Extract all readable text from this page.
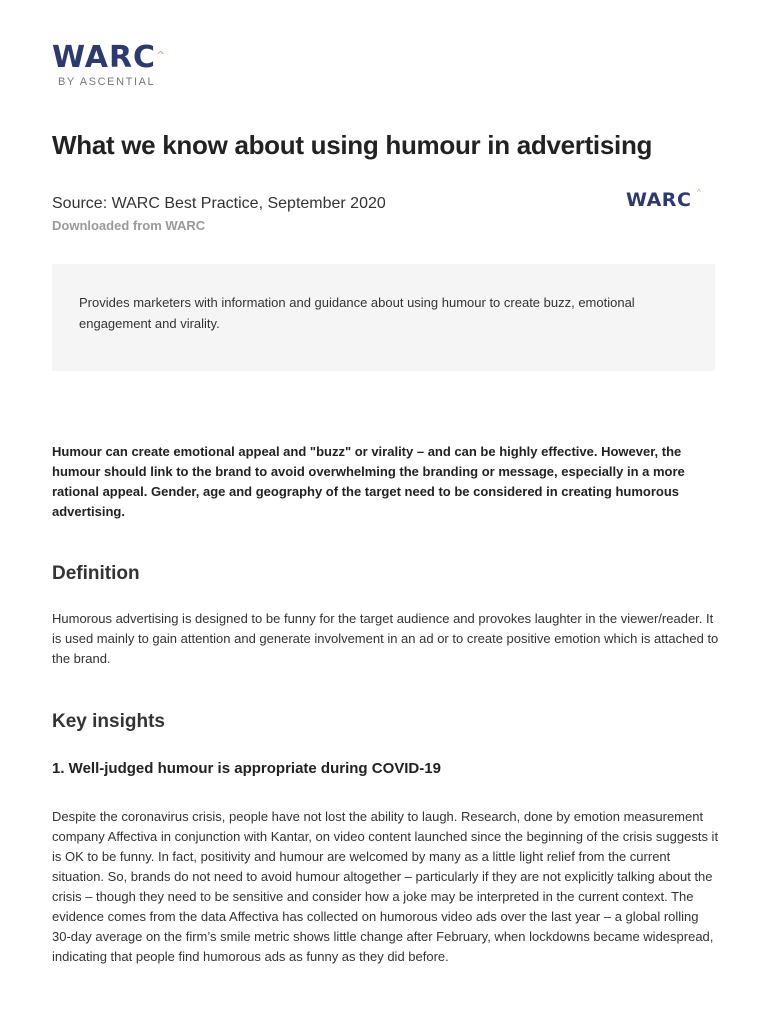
WARC ^
BY ASCENTIAL
What we know about using humour in advertising
Source: WARC Best Practice, September 2020
Downloaded from WARC
WARC ^

Provides marketers with information and guidance about using humour to create buzz, emotional engagement and virality.

Humour can create emotional appeal and "buzz" or virality – and can be highly effective. However, the humour should link to the brand to avoid overwhelming the branding or message, especially in a more rational appeal. Gender, age and geography of the target need to be considered in creating humorous advertising.

Definition

Humorous advertising is designed to be funny for the target audience and provokes laughter in the viewer/reader. It is used mainly to gain attention and generate involvement in an ad or to create positive emotion which is attached to the brand.

Key insights
1. Well-judged humour is appropriate during COVID-19

Despite the coronavirus crisis, people have not lost the ability to laugh. Research, done by emotion measurement company Affectiva in conjunction with Kantar, on video content launched since the beginning of the crisis suggests it is OK to be funny. In fact, positivity and humour are welcomed by many as a little light relief from the current situation. So, brands do not need to avoid humour altogether – particularly if they are not explicitly talking about the crisis – though they need to be sensitive and consider how a joke may be interpreted in the current context. The evidence comes from the data Affectiva has collected on humorous video ads over the last year – a global rolling 30-day average on the firm’s smile metric shows little change after February, when lockdowns became widespread, indicating that people find humorous ads as funny as they did before.
